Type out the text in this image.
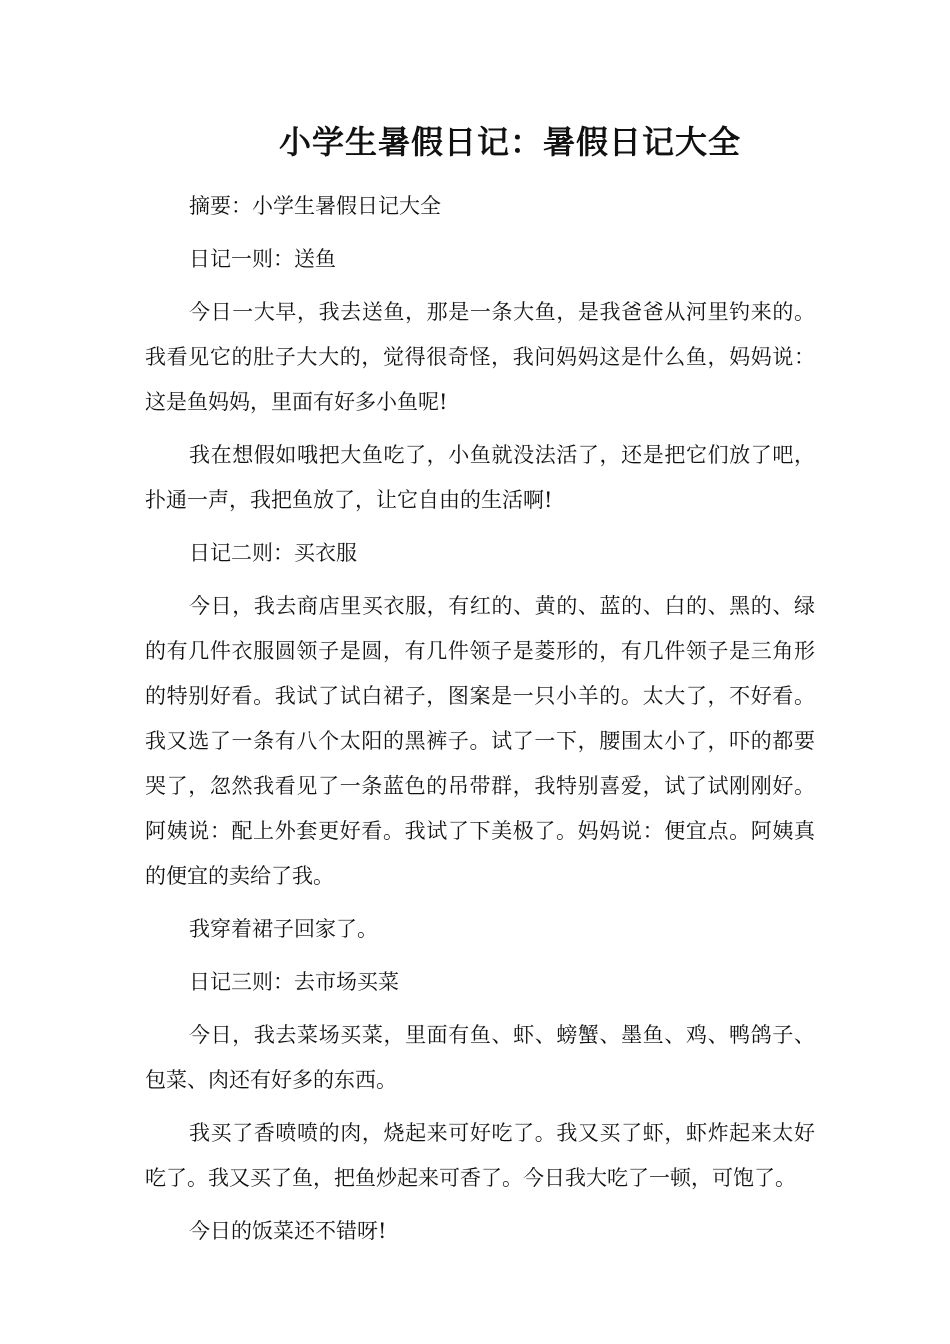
小学生暑假日记：暑假日记大全

摘要：小学生暑假日记大全

日记一则：送鱼

今日一大早，我去送鱼，那是一条大鱼，是我爸爸从河里钓来的。我看见它的肚子大大的，觉得很奇怪，我问妈妈这是什么鱼，妈妈说：这是鱼妈妈，里面有好多小鱼呢!

我在想假如哦把大鱼吃了，小鱼就没法活了，还是把它们放了吧，扑通一声，我把鱼放了，让它自由的生活啊!

日记二则：买衣服

今日，我去商店里买衣服，有红的、黄的、蓝的、白的、黑的、绿的有几件衣服圆领子是圆，有几件领子是菱形的，有几件领子是三角形的特别好看。我试了试白裙子，图案是一只小羊的。太大了，不好看。我又选了一条有八个太阳的黑裤子。试了一下，腰围太小了，吓的都要哭了，忽然我看见了一条蓝色的吊带群，我特别喜爱，试了试刚刚好。阿姨说：配上外套更好看。我试了下美极了。妈妈说：便宜点。阿姨真的便宜的卖给了我。

我穿着裙子回家了。

日记三则：去市场买菜

今日，我去菜场买菜，里面有鱼、虾、螃蟹、墨鱼、鸡、鸭鸽子、包菜、肉还有好多的东西。

我买了香喷喷的肉，烧起来可好吃了。我又买了虾，虾炸起来太好吃了。我又买了鱼，把鱼炒起来可香了。今日我大吃了一顿，可饱了。

今日的饭菜还不错呀!
